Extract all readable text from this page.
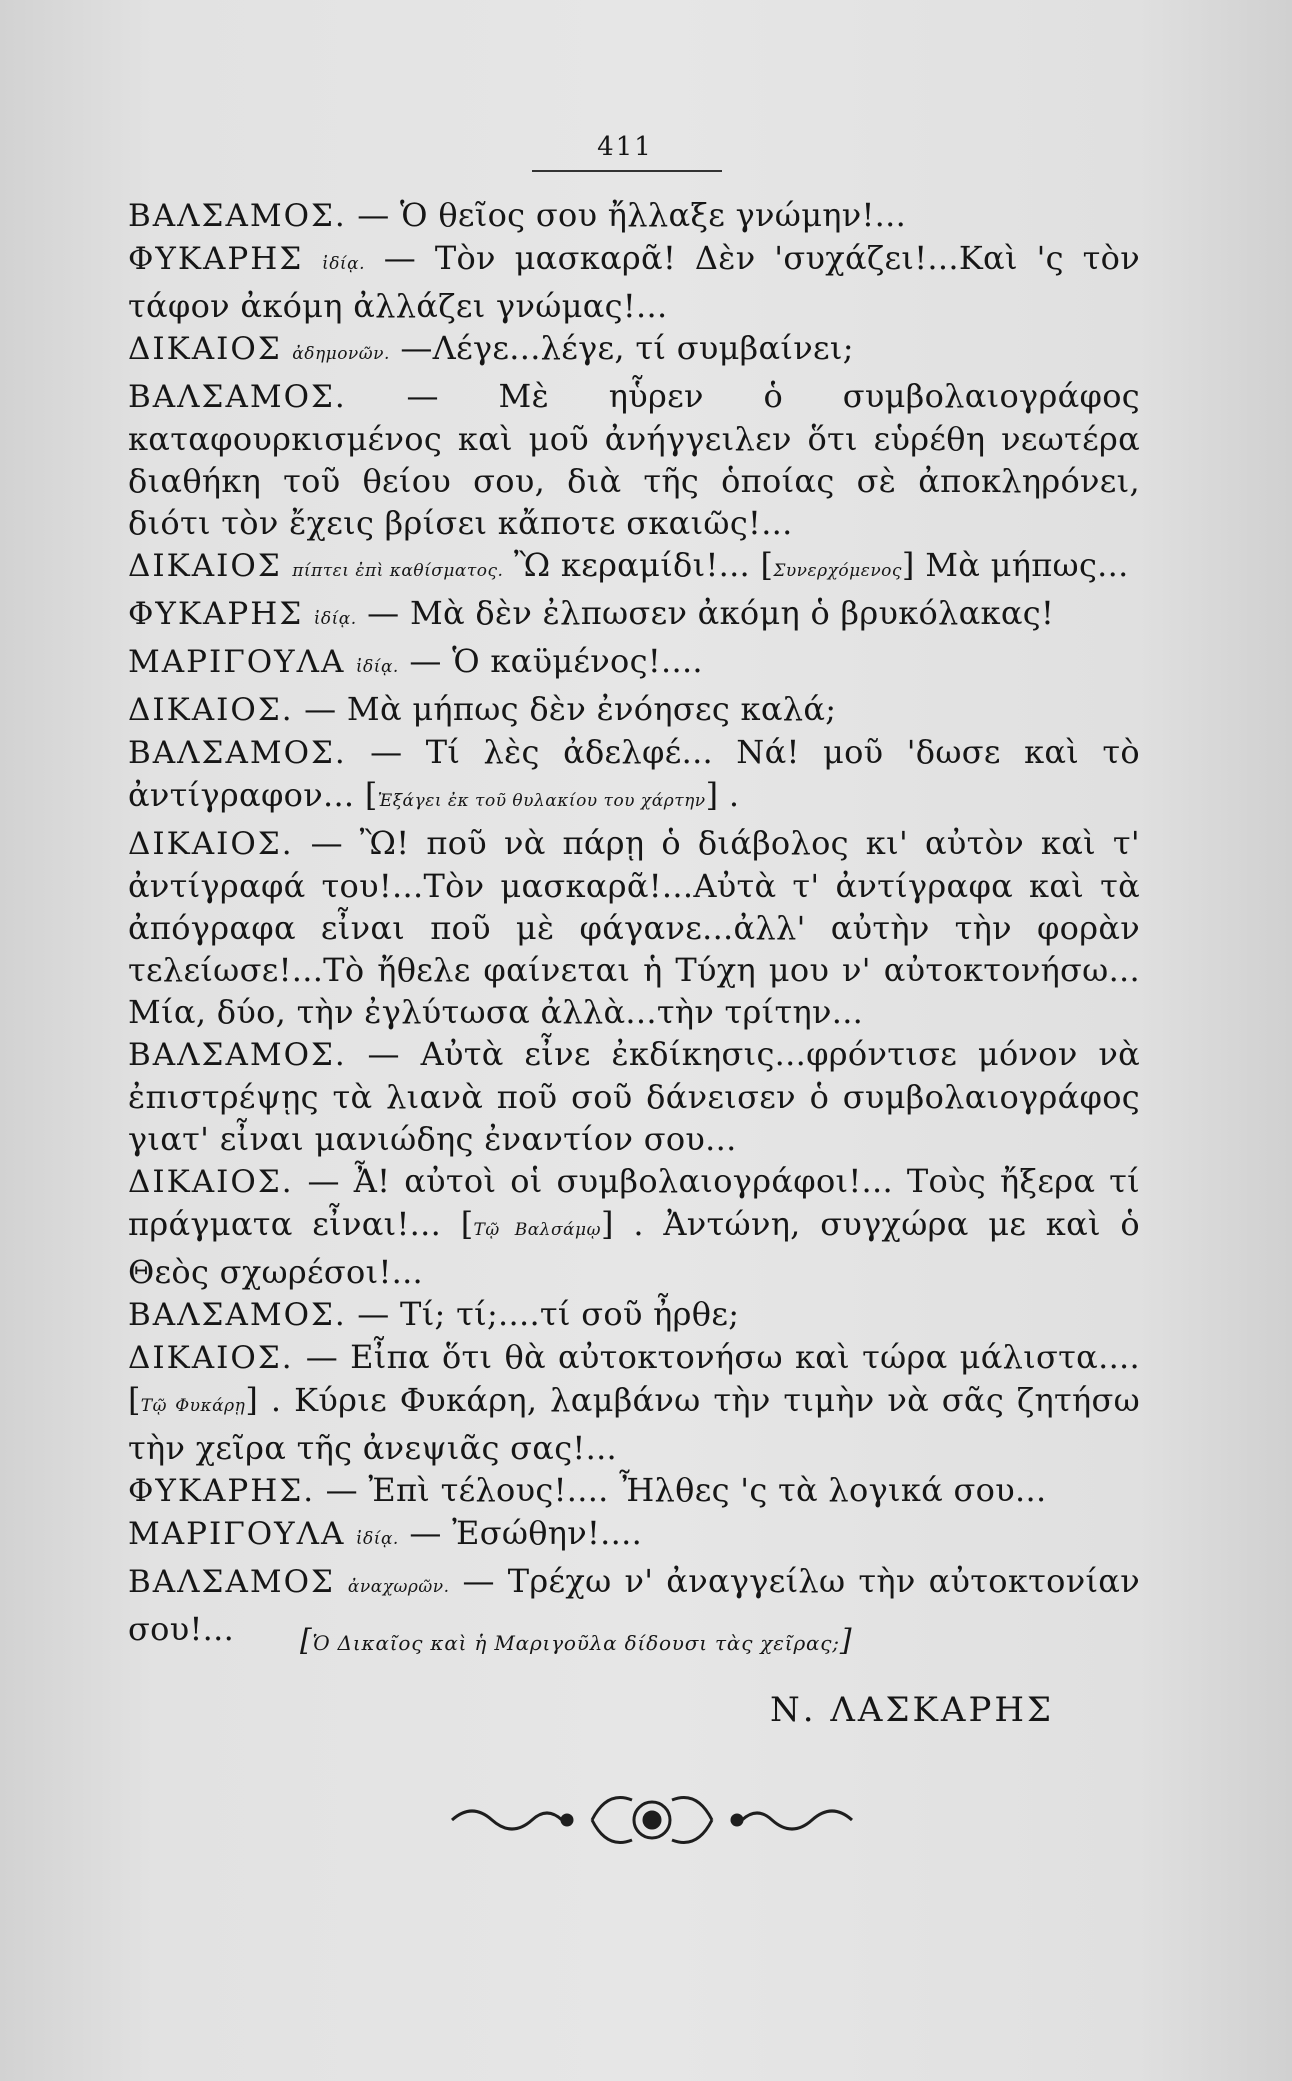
411

ΒΑΛΣΑΜΟΣ. — Ὁ θεῖος σου ἤλλαξε γνώμην!...

ΦΥΚΑΡΗΣ ἰδίᾳ. — Τὸν μασκαρᾶ! Δὲν 'συχάζει!...Καὶ 'ς τὸν τάφον ἀκόμη ἀλλάζει γνώμας!...

ΔΙΚΑΙΟΣ ἀδημονῶν. —Λέγε...λέγε, τί συμβαίνει;

ΒΑΛΣΑΜΟΣ. — Μὲ ηὗρεν ὁ συμβολαιογράφος καταφουρκισμένος καὶ μοῦ ἀνήγγειλεν ὅτι εὑρέθη νεωτέρα διαθήκη τοῦ θείου σου, διὰ τῆς ὁποίας σὲ ἀποκληρόνει, διότι τὸν ἔχεις βρίσει κἄποτε σκαιῶς!...

ΔΙΚΑΙΟΣ πίπτει ἐπὶ καθίσματος. Ὢ κεραμίδι!... [Συνερχόμενος] Μὰ μήπως...

ΦΥΚΑΡΗΣ ἰδίᾳ. — Μὰ δὲν ἐλπωσεν ἀκόμη ὁ βρυκόλακας!

ΜΑΡΙΓΟΥΛΑ ἰδίᾳ. — Ὁ καϋμένος!....

ΔΙΚΑΙΟΣ. — Μὰ μήπως δὲν ἐνόησες καλά;

ΒΑΛΣΑΜΟΣ. — Τί λὲς ἀδελφέ... Νά! μοῦ 'δωσε καὶ τὸ ἀντίγραφον... [Ἐξάγει ἐκ τοῦ θυλακίου του χάρτην] .

ΔΙΚΑΙΟΣ. — Ὢ! ποῦ νὰ πάρῃ ὁ διάβολος κι' αὐτὸν καὶ τ' ἀντίγραφά του!...Τὸν μασκαρᾶ!...Αὐτὰ τ' ἀντίγραφα καὶ τὰ ἀπόγραφα εἶναι ποῦ μὲ φάγανε...ἀλλ' αὐτὴν τὴν φορὰν τελείωσε!...Τὸ ἤθελε φαίνεται ἡ Τύχη μου ν' αὐτοκτονήσω... Μία, δύο, τὴν ἐγλύτωσα ἀλλὰ...τὴν τρίτην...

ΒΑΛΣΑΜΟΣ. — Αὐτὰ εἶνε ἐκδίκησις...φρόντισε μόνον νὰ ἐπιστρέψῃς τὰ λιανὰ ποῦ σοῦ δάνεισεν ὁ συμβολαιογράφος γιατ' εἶναι μανιώδης ἐναντίον σου...

ΔΙΚΑΙΟΣ. — Ἆ! αὐτοὶ οἱ συμβολαιογράφοι!... Τοὺς ἤξερα τί πράγματα εἶναι!... [Τῷ Βαλσάμῳ] . Ἀντώνη, συγχώρα με καὶ ὁ Θεὸς σχωρέσοι!...

ΒΑΛΣΑΜΟΣ. — Τί; τί;....τί σοῦ ἦρθε;

ΔΙΚΑΙΟΣ. — Εἶπα ὅτι θὰ αὐτοκτονήσω καὶ τώρα μάλιστα.... [Τῷ Φυκάρῃ] . Κύριε Φυκάρη, λαμβάνω τὴν τιμὴν νὰ σᾶς ζητήσω τὴν χεῖρα τῆς ἀνεψιᾶς σας!...

ΦΥΚΑΡΗΣ. — Ἐπὶ τέλους!.... Ἦλθες 'ς τὰ λογικά σου...

ΜΑΡΙΓΟΥΛΑ ἰδίᾳ. — Ἐσώθην!....

ΒΑΛΣΑΜΟΣ ἀναχωρῶν. — Τρέχω ν' ἀναγγείλω τὴν αὐτοκτονίαν σου!...	[Ὁ Δικαῖος καὶ ἡ Μαριγοῦλα δίδουσι τὰς χεῖρας;]
Ν. ΛΑΣΚΑΡΗΣ
